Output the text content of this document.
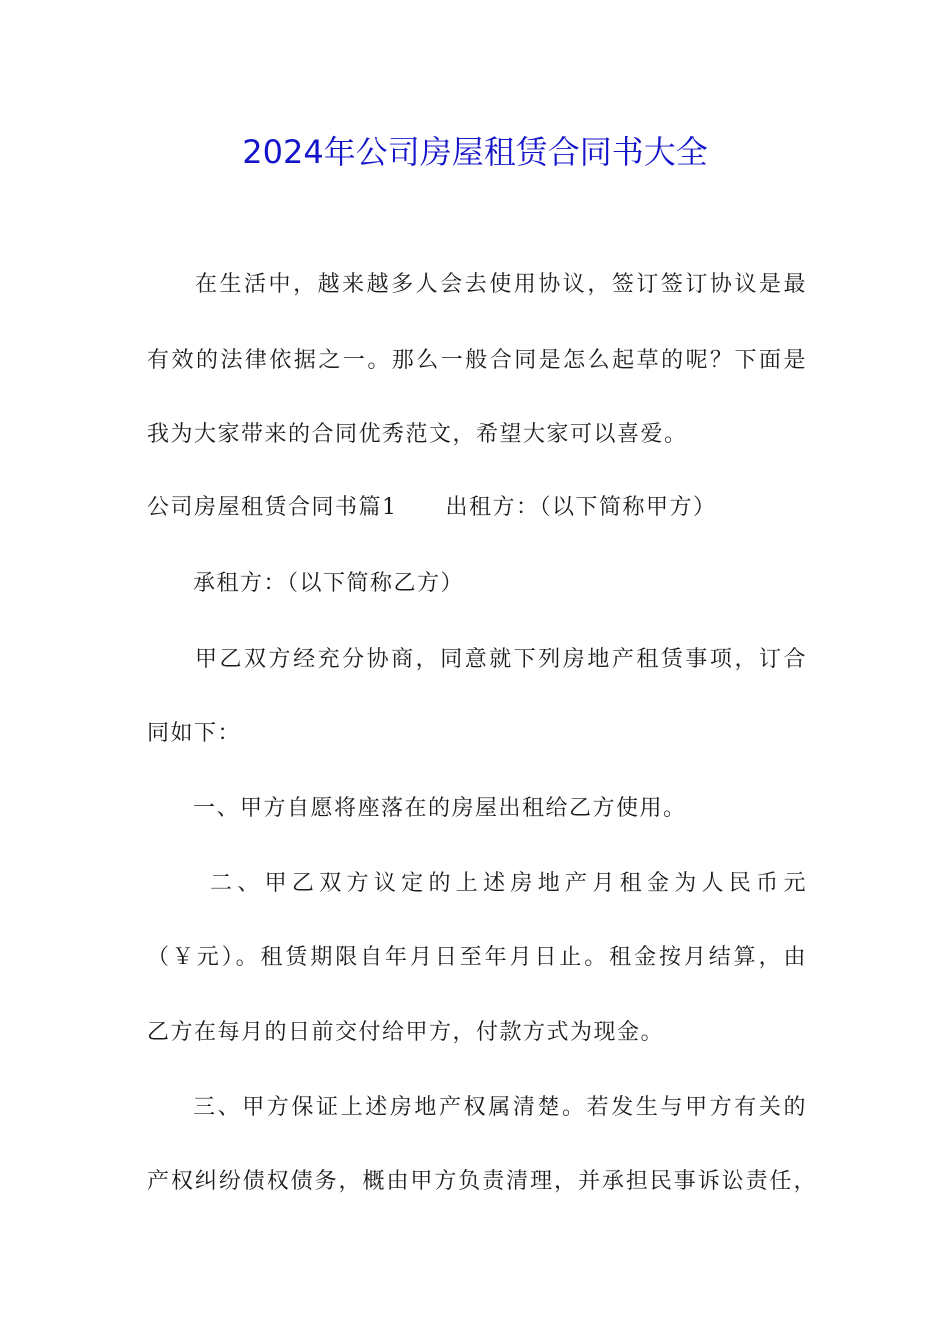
2024年公司房屋租赁合同书大全
在生活中，越来越多人会去使用协议，签订签订协议是最
有效的法律依据之一。那么一般合同是怎么起草的呢？下面是
我为大家带来的合同优秀范文，希望大家可以喜爱。
公司房屋租赁合同书篇1 出租方：（以下简称甲方）
承租方：（以下简称乙方）
甲乙双方经充分协商，同意就下列房地产租赁事项，订合
同如下：
一、甲方自愿将座落在的房屋出租给乙方使用。
二、甲乙双方议定的上述房地产月租金为人民币元
（￥元）。租赁期限自年月日至年月日止。租金按月结算，由
乙方在每月的日前交付给甲方，付款方式为现金。
三、甲方保证上述房地产权属清楚。若发生与甲方有关的
产权纠纷债权债务，概由甲方负责清理，并承担民事诉讼责任，
